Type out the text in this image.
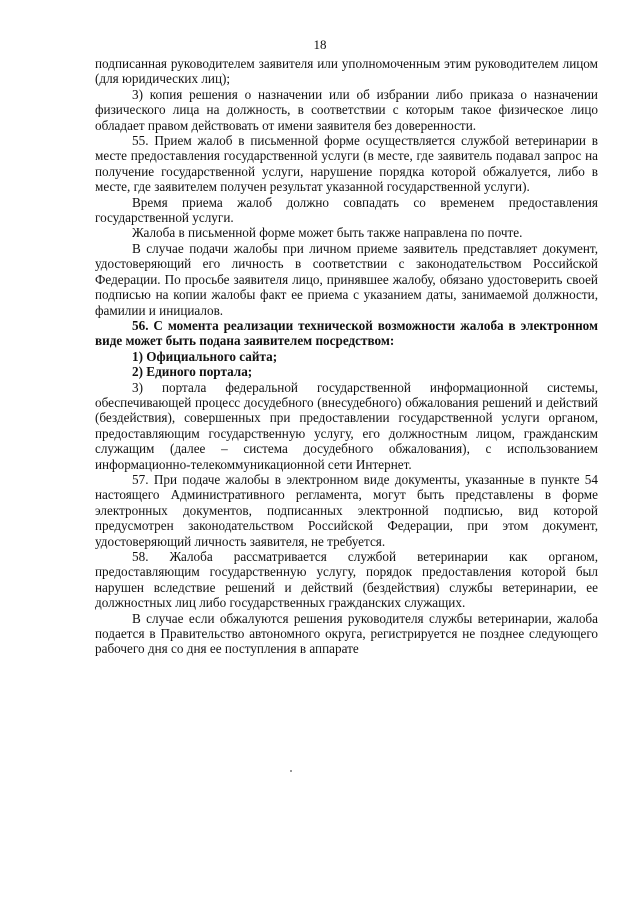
18

подписанная руководителем заявителя или уполномоченным этим руководителем лицом (для юридических лиц);

3) копия решения о назначении или об избрании либо приказа о назначении физического лица на должность, в соответствии с которым такое физическое лицо обладает правом действовать от имени заявителя без доверенности.

55. Прием жалоб в письменной форме осуществляется службой ветеринарии в месте предоставления государственной услуги (в месте, где заявитель подавал запрос на получение государственной услуги, нарушение порядка которой обжалуется, либо в месте, где заявителем получен результат указанной государственной услуги).

Время приема жалоб должно совпадать со временем предоставления государственной услуги.

Жалоба в письменной форме может быть также направлена по почте.

В случае подачи жалобы при личном приеме заявитель представляет документ, удостоверяющий его личность в соответствии с законодательством Российской Федерации. По просьбе заявителя лицо, принявшее жалобу, обязано удостоверить своей подписью на копии жалобы факт ее приема с указанием даты, занимаемой должности, фамилии и инициалов.

56. С момента реализации технической возможности жалоба в электронном виде может быть подана заявителем посредством:

1) Официального сайта;

2) Единого портала;

3) портала федеральной государственной информационной системы, обеспечивающей процесс досудебного (внесудебного) обжалования решений и действий (бездействия), совершенных при предоставлении государственной услуги органом, предоставляющим государственную услугу, его должностным лицом, гражданским служащим (далее – система досудебного обжалования), с использованием информационно-телекоммуникационной сети Интернет.

57. При подаче жалобы в электронном виде документы, указанные в пункте 54 настоящего Административного регламента, могут быть представлены в форме электронных документов, подписанных электронной подписью, вид которой предусмотрен законодательством Российской Федерации, при этом документ, удостоверяющий личность заявителя, не требуется.

58. Жалоба рассматривается службой ветеринарии как органом, предоставляющим государственную услугу, порядок предоставления которой был нарушен вследствие решений и действий (бездействия) службы ветеринарии, ее должностных лиц либо государственных гражданских служащих.

В случае если обжалуются решения руководителя службы ветеринарии, жалоба подается в Правительство автономного округа, регистрируется не позднее следующего рабочего дня со дня ее поступления в аппарате
